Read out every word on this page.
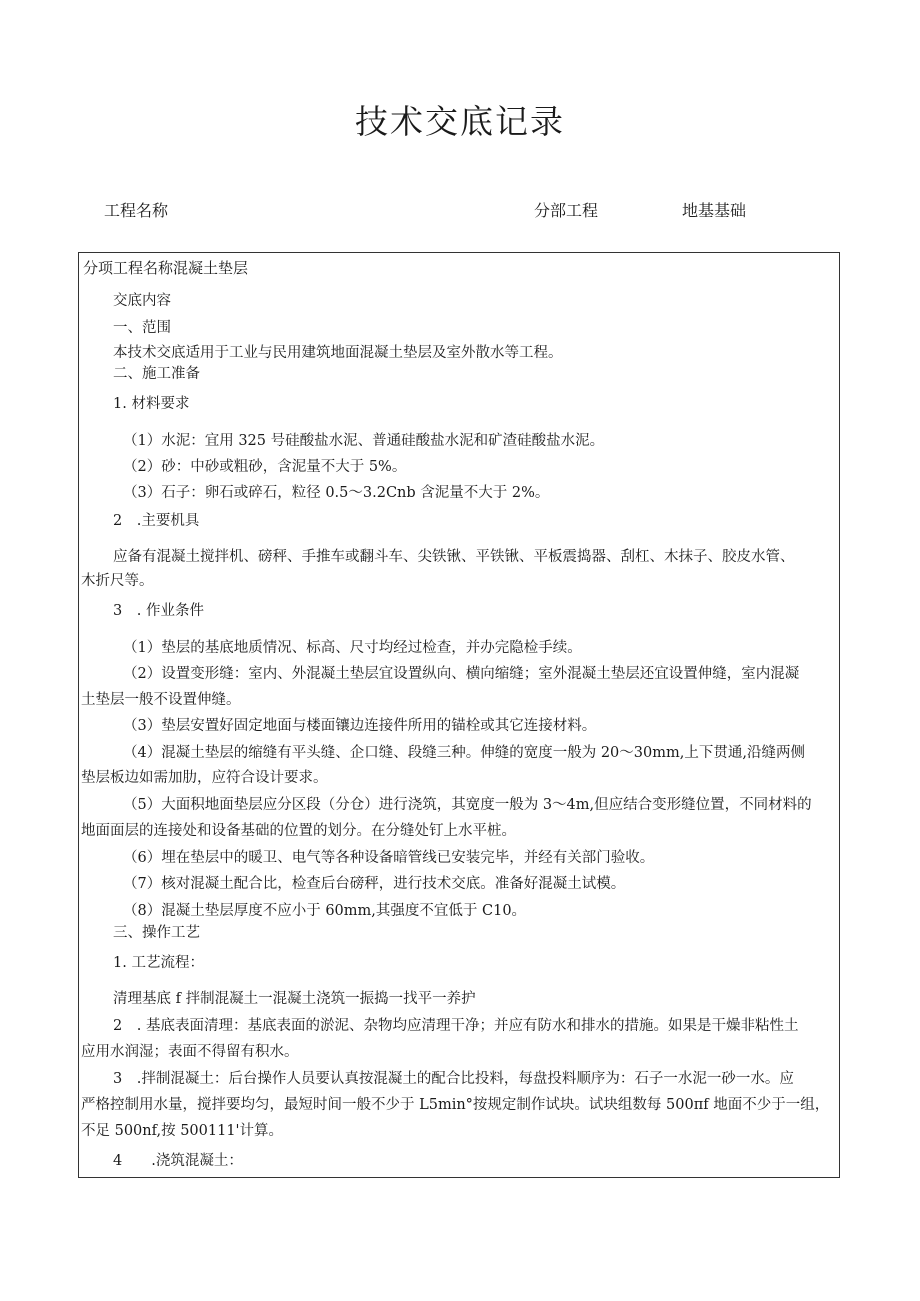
技术交底记录
工程名称	分部工程	地基基础
分项工程名称混凝土垫层
交底内容
一、范围
本技术交底适用于工业与民用建筑地面混凝土垫层及室外散水等工程。
二、施工准备
1. 材料要求
（1）水泥：宜用 325 号硅酸盐水泥、普通硅酸盐水泥和矿渣硅酸盐水泥。
（2）砂：中砂或粗砂，含泥量不大于 5%。
（3）石子：卵石或碎石，粒径 0.5～3.2Cnb 含泥量不大于 2%。
2　.主要机具
应备有混凝土搅拌机、磅秤、手推车或翻斗车、尖铁锹、平铁锹、平板震捣器、刮杠、木抹子、胶皮水管、
木折尺等。
3　. 作业条件
（1）垫层的基底地质情况、标高、尺寸均经过检查，并办完隐检手续。
（2）设置变形缝：室内、外混凝土垫层宜设置纵向、横向缩缝；室外混凝土垫层还宜设置伸缝，室内混凝
土垫层一般不设置伸缝。
（3）垫层安置好固定地面与楼面镶边连接件所用的锚栓或其它连接材料。
（4）混凝土垫层的缩缝有平头缝、企口缝、段缝三种。伸缝的宽度一般为 20～30mm,上下贯通,沿缝两侧
垫层板边如需加肋，应符合设计要求。
（5）大面积地面垫层应分区段（分仓）进行浇筑，其宽度一般为 3～4m,但应结合变形缝位置，不同材料的
地面面层的连接处和设备基础的位置的划分。在分缝处钉上水平桩。
（6）埋在垫层中的暖卫、电气等各种设备暗管线已安装完毕，并经有关部门验收。
（7）核对混凝土配合比，检查后台磅秤，进行技术交底。准备好混凝土试模。
（8）混凝土垫层厚度不应小于 60mm,其强度不宜低于 C10。
三、操作工艺
1. 工艺流程：
清理基底 f 拌制混凝土一混凝土浇筑一振捣一找平一养护
2　. 基底表面清理：基底表面的淤泥、杂物均应清理干净；并应有防水和排水的措施。如果是干燥非粘性土
应用水润湿；表面不得留有积水。
3　.拌制混凝土：后台操作人员要认真按混凝土的配合比投料，每盘投料顺序为：石子一水泥一砂一水。应
严格控制用水量，搅拌要均匀，最短时间一般不少于 L5min°按规定制作试块。试块组数每 500πf 地面不少于一组，
不足 500nf,按 500111'计算。
4　　.浇筑混凝土：
